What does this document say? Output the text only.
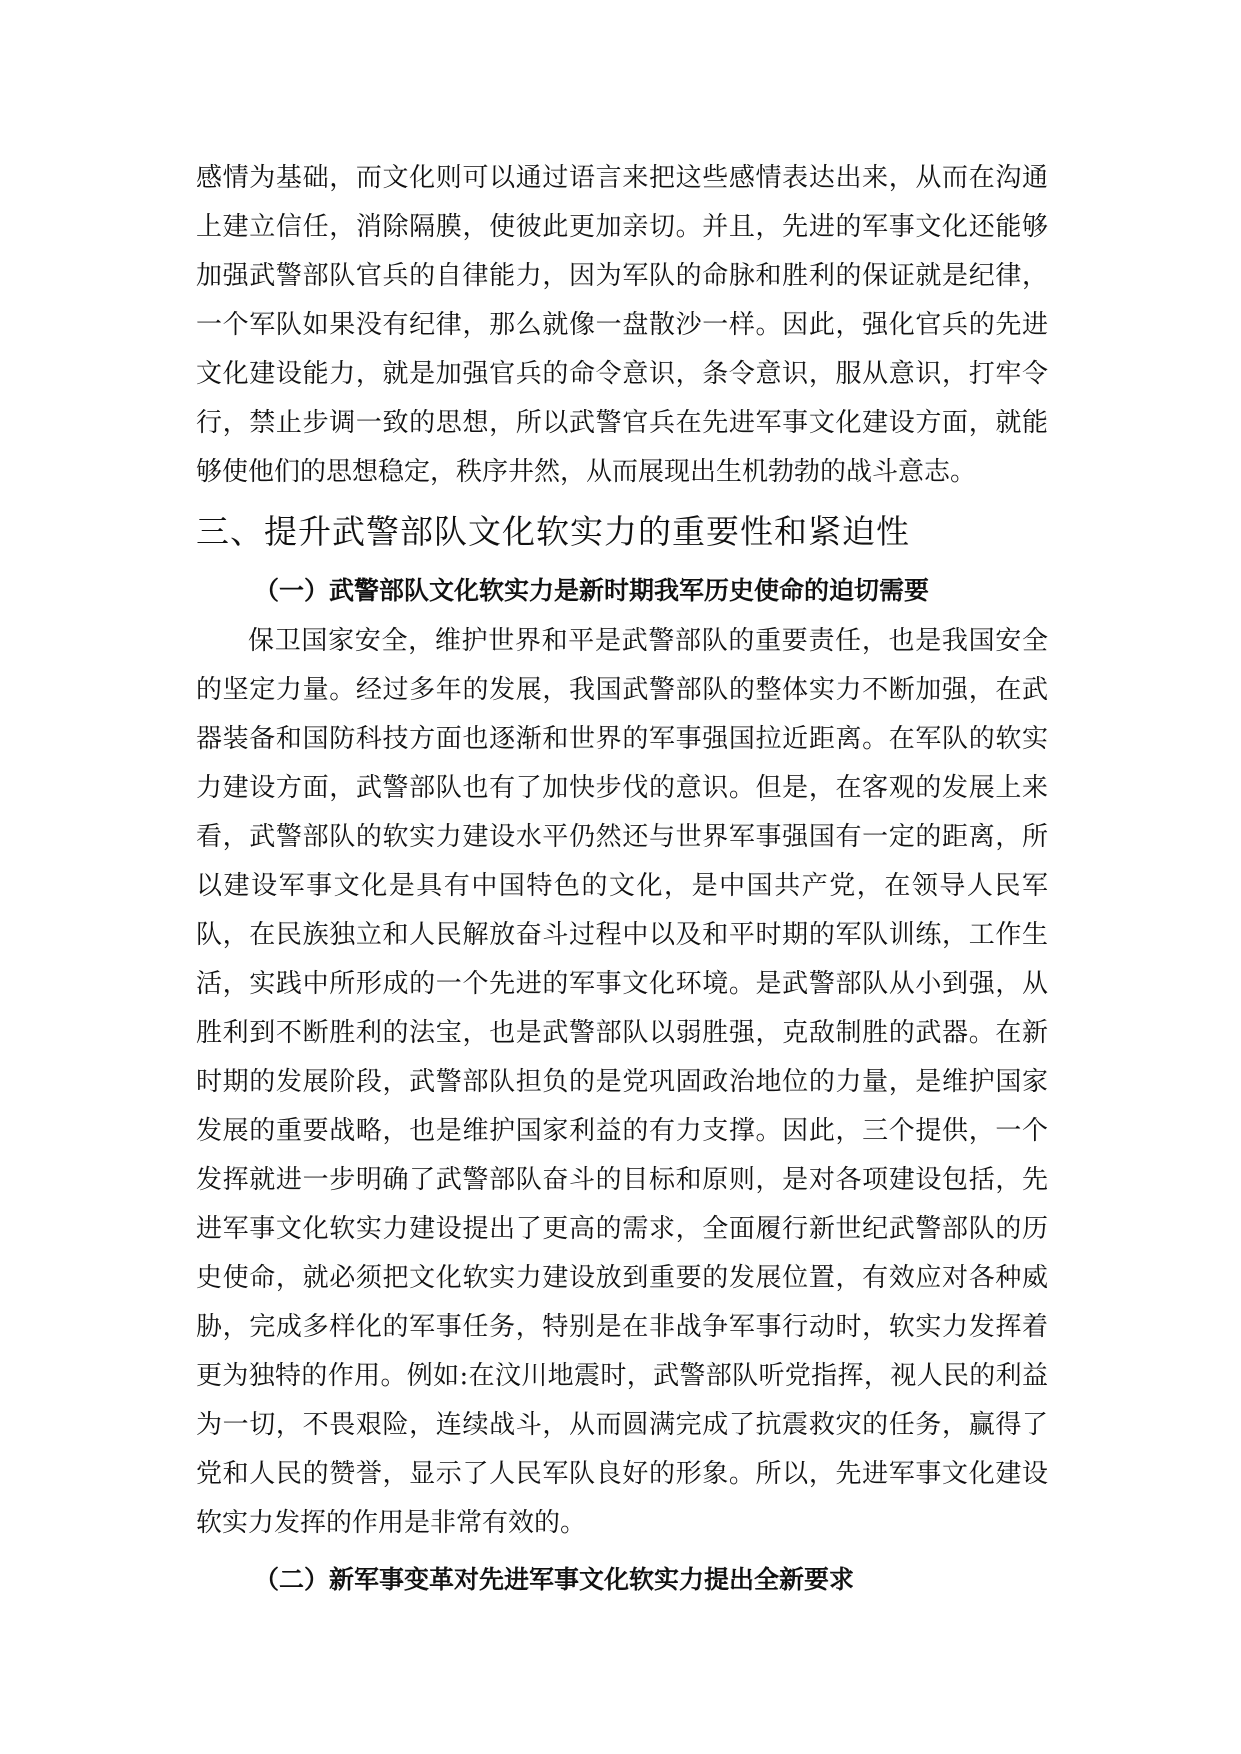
感情为基础，而文化则可以通过语言来把这些感情表达出来，从而在沟通上建立信任，消除隔膜，使彼此更加亲切。并且，先进的军事文化还能够加强武警部队官兵的自律能力，因为军队的命脉和胜利的保证就是纪律，一个军队如果没有纪律，那么就像一盘散沙一样。因此，强化官兵的先进文化建设能力，就是加强官兵的命令意识，条令意识，服从意识，打牢令行，禁止步调一致的思想，所以武警官兵在先进军事文化建设方面，就能够使他们的思想稳定，秩序井然，从而展现出生机勃勃的战斗意志。

三、提升武警部队文化软实力的重要性和紧迫性
（一）武警部队文化软实力是新时期我军历史使命的迫切需要

保卫国家安全，维护世界和平是武警部队的重要责任，也是我国安全的坚定力量。经过多年的发展，我国武警部队的整体实力不断加强，在武器装备和国防科技方面也逐渐和世界的军事强国拉近距离。在军队的软实力建设方面，武警部队也有了加快步伐的意识。但是，在客观的发展上来看，武警部队的软实力建设水平仍然还与世界军事强国有一定的距离，所以建设军事文化是具有中国特色的文化，是中国共产党，在领导人民军队，在民族独立和人民解放奋斗过程中以及和平时期的军队训练，工作生活，实践中所形成的一个先进的军事文化环境。是武警部队从小到强，从胜利到不断胜利的法宝，也是武警部队以弱胜强，克敌制胜的武器。在新时期的发展阶段，武警部队担负的是党巩固政治地位的力量，是维护国家发展的重要战略，也是维护国家利益的有力支撑。因此，三个提供，一个发挥就进一步明确了武警部队奋斗的目标和原则，是对各项建设包括，先进军事文化软实力建设提出了更高的需求，全面履行新世纪武警部队的历史使命，就必须把文化软实力建设放到重要的发展位置，有效应对各种威胁，完成多样化的军事任务，特别是在非战争军事行动时，软实力发挥着更为独特的作用。例如:在汶川地震时，武警部队听党指挥，视人民的利益为一切，不畏艰险，连续战斗，从而圆满完成了抗震救灾的任务，赢得了党和人民的赞誉，显示了人民军队良好的形象。所以，先进军事文化建设软实力发挥的作用是非常有效的。

（二）新军事变革对先进军事文化软实力提出全新要求
